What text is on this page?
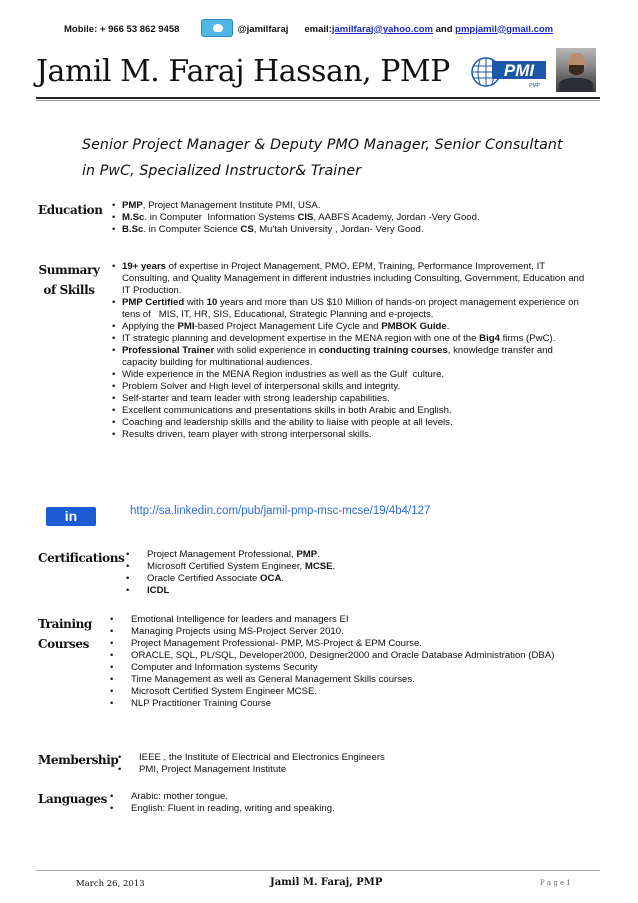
Mobile: + 966 53 862 9458	@jamilfaraj email: jamilfaraj@yahoo.com and pmpjamil@gmail.com
Jamil M. Faraj Hassan, PMP	PMI
PMP
Senior Project Manager & Deputy PMO Manager, Senior Consultant
in PwC, Specialized Instructor& Trainer
Education	• PMP, Project Management Institute PMI, USA.
• M.Sc. in Computer  Information Systems CIS, AABFS Academy, Jordan -Very Good.
• B.Sc. in Computer Science CS, Mu'tah University , Jordan- Very Good.
Summary
of Skills
• 19+ years of expertise in Project Management, PMO, EPM, Training, Performance Improvement, IT Consulting, and Quality Management in different industries including Consulting, Government, Education and IT Production.
• PMP Certified with 10 years and more than US $10 Million of hands-on project management experience on tens of   MIS, IT, HR, SIS, Educational, Strategic Planning and e-projects.
• Applying the PMI-based Project Management Life Cycle and PMBOK Guide.
• IT strategic planning and development expertise in the MENA region with one of the Big4 firms (PwC).
• Professional Trainer with solid experience in conducting training courses, knowledge transfer and capacity building for multinational audiences.
• Wide experience in the MENA Region industries as well as the Gulf  culture.
• Problem Solver and High level of interpersonal skills and integrity.
• Self-starter and team leader with strong leadership capabilities.
• Excellent communications and presentations skills in both Arabic and English.
• Coaching and leadership skills and the ability to liaise with people at all levels.
• Results driven, team player with strong interpersonal skills.
in	http://sa.linkedin.com/pub/jamil-pmp-msc-mcse/19/4b4/127
Certifications	• Project Management Professional, PMP.
• Microsoft Certified System Engineer, MCSE.
• Oracle Certified Associate OCA.
• ICDL
Training
Courses
• Emotional Intelligence for leaders and managers EI
• Managing Projects using MS-Project Server 2010.
• Project Management Professional- PMP, MS-Project & EPM Course.
• ORACLE, SQL, PL/SQL, Developer2000, Designer2000 and Oracle Database Administration (DBA)
• Computer and Information systems Security
• Time Management as well as General Management Skills courses.
• Microsoft Certified System Engineer MCSE.
• NLP Practitioner Training Course
Membership	• IEEE , the Institute of Electrical and Electronics Engineers
• PMI, Project Management Institute
Languages	• Arabic: mother tongue.
• English: Fluent in reading, writing and speaking.
March 26, 2013	Jamil M. Faraj, PMP	P a g e 1
